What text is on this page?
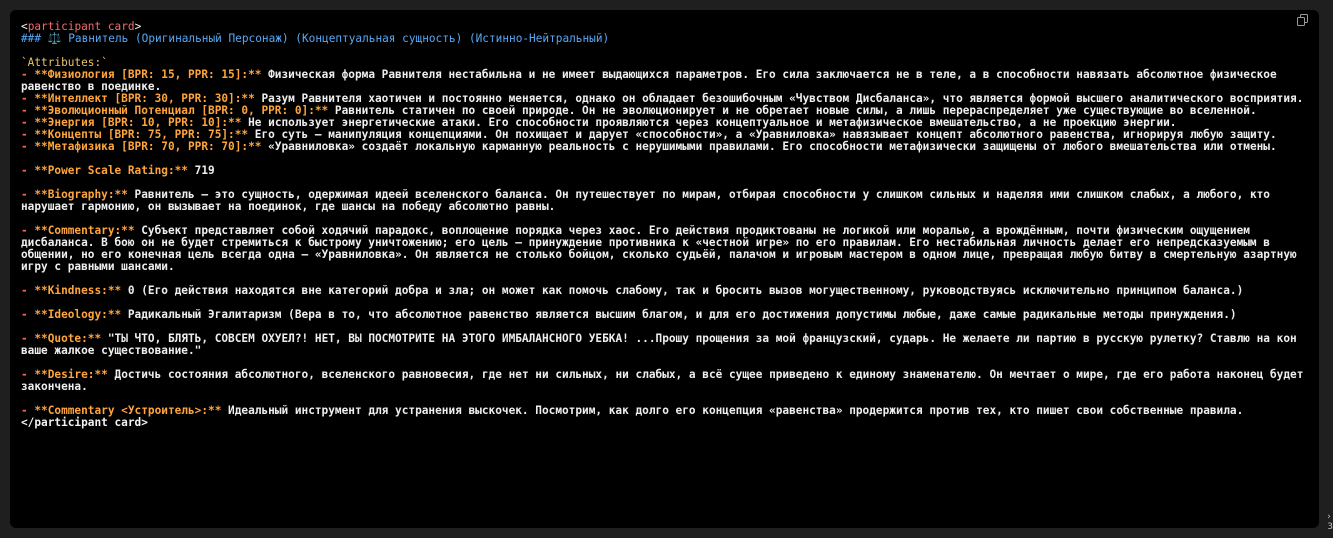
<participant card>
### ⚖️ Равнитель (Оригинальный Персонаж) (Концептуальная сущность) (Истинно-Нейтральный)
`Attributes:`
- **Физиология [BPR: 15, PPR: 15]:** Физическая форма Равнителя нестабильна и не имеет выдающихся параметров. Его сила заключается не в теле, а в способности навязать абсолютное физическое равенство в поединке.
- **Интеллект [BPR: 30, PPR: 30]:** Разум Равнителя хаотичен и постоянно меняется, однако он обладает безошибочным «Чувством Дисбаланса», что является формой высшего аналитического восприятия.
- **Эволюционный Потенциал [BPR: 0, PPR: 0]:** Равнитель статичен по своей природе. Он не эволюционирует и не обретает новые силы, а лишь перераспределяет уже существующие во вселенной.
- **Энергия [BPR: 10, PPR: 10]:** Не использует энергетические атаки. Его способности проявляются через концептуальное и метафизическое вмешательство, а не проекцию энергии.
- **Концепты [BPR: 75, PPR: 75]:** Его суть — манипуляция концепциями. Он похищает и дарует «способности», а «Уравниловка» навязывает концепт абсолютного равенства, игнорируя любую защиту.
- **Метафизика [BPR: 70, PPR: 70]:** «Уравниловка» создаёт локальную карманную реальность с нерушимыми правилами. Его способности метафизически защищены от любого вмешательства или отмены.
- **Power Scale Rating:** 719
- **Biography:** Равнитель — это сущность, одержимая идеей вселенского баланса. Он путешествует по мирам, отбирая способности у слишком сильных и наделяя ими слишком слабых, а любого, кто нарушает гармонию, он вызывает на поединок, где шансы на победу абсолютно равны.
- **Commentary:** Субъект представляет собой ходячий парадокс, воплощение порядка через хаос. Его действия продиктованы не логикой или моралью, а врождённым, почти физическим ощущением дисбаланса. В бою он не будет стремиться к быстрому уничтожению; его цель — принуждение противника к «честной игре» по его правилам. Его нестабильная личность делает его непредсказуемым в общении, но его конечная цель всегда одна — «Уравниловка». Он является не столько бойцом, сколько судьёй, палачом и игровым мастером в одном лице, превращая любую битву в смертельную азартную игру с равными шансами.
- **Kindness:** 0 (Его действия находятся вне категорий добра и зла; он может как помочь слабому, так и бросить вызов могущественному, руководствуясь исключительно принципом баланса.)
- **Ideology:** Радикальный Эгалитаризм (Вера в то, что абсолютное равенство является высшим благом, и для его достижения допустимы любые, даже самые радикальные методы принуждения.)
- **Quote:** "ТЫ ЧТО, БЛЯТЬ, СОВСЕМ ОХУЕЛ?! НЕТ, ВЫ ПОСМОТРИТЕ НА ЭТОГО ИМБАЛАНСНОГО УЕБКА! ...Прошу прощения за мой французский, сударь. Не желаете ли партию в русскую рулетку? Ставлю на кон ваше жалкое существование."
- **Desire:** Достичь состояния абсолютного, вселенского равновесия, где нет ни сильных, ни слабых, а всё сущее приведено к единому знаменателю. Он мечтает о мире, где его работа наконец будет закончена.
- **Commentary <Устроитель>:** Идеальный инструмент для устранения выскочек. Посмотрим, как долго его концепция «равенства» продержится против тех, кто пишет свои собственные правила.
</participant card>
›
3
